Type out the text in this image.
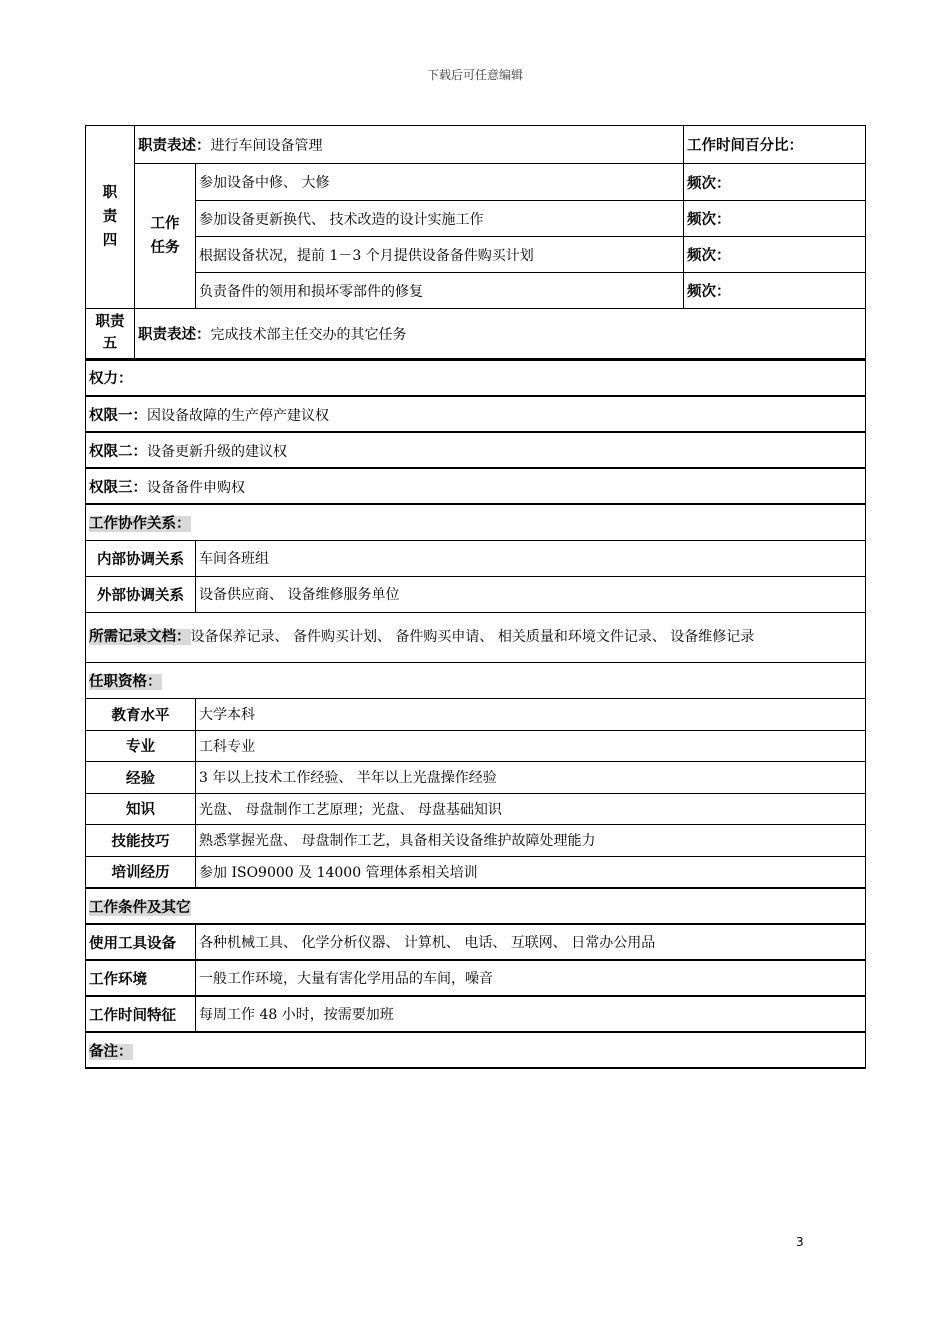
下载后可任意编辑
职
责
四	职责表述：进行车间设备管理		工作时间百分比：
	工作
任务	参加设备中修、 大修	频次：
		参加设备更新换代、 技术改造的设计实施工作	频次：
		根据设备状况，提前 1－3 个月提供设备备件购买计划	频次：
		负责备件的领用和损坏零部件的修复	频次：
职责
五	职责表述：完成技术部主任交办的其它任务		
权力：	
权限一：因设备故障的生产停产建议权	
权限二：设备更新升级的建议权	
权限三：设备备件申购权	
工作协作关系：	
内部协调关系	车间各班组
外部协调关系	设备供应商、 设备维修服务单位
所需记录文档：设备保养记录、 备件购买计划、 备件购买申请、 相关质量和环境文件记录、 设备维修记录	
任职资格：	
教育水平	大学本科
专业	工科专业
经验	3 年以上技术工作经验、 半年以上光盘操作经验
知识	光盘、 母盘制作工艺原理；光盘、 母盘基础知识
技能技巧	熟悉掌握光盘、 母盘制作工艺，具备相关设备维护故障处理能力
培训经历	参加 ISO9000 及 14000 管理体系相关培训
工作条件及其它	
使用工具设备	各种机械工具、 化学分析仪器、 计算机、 电话、 互联网、 日常办公用品
工作环境	一般工作环境，大量有害化学用品的车间，噪音
工作时间特征	每周工作 48 小时，按需要加班
备注：	
3
